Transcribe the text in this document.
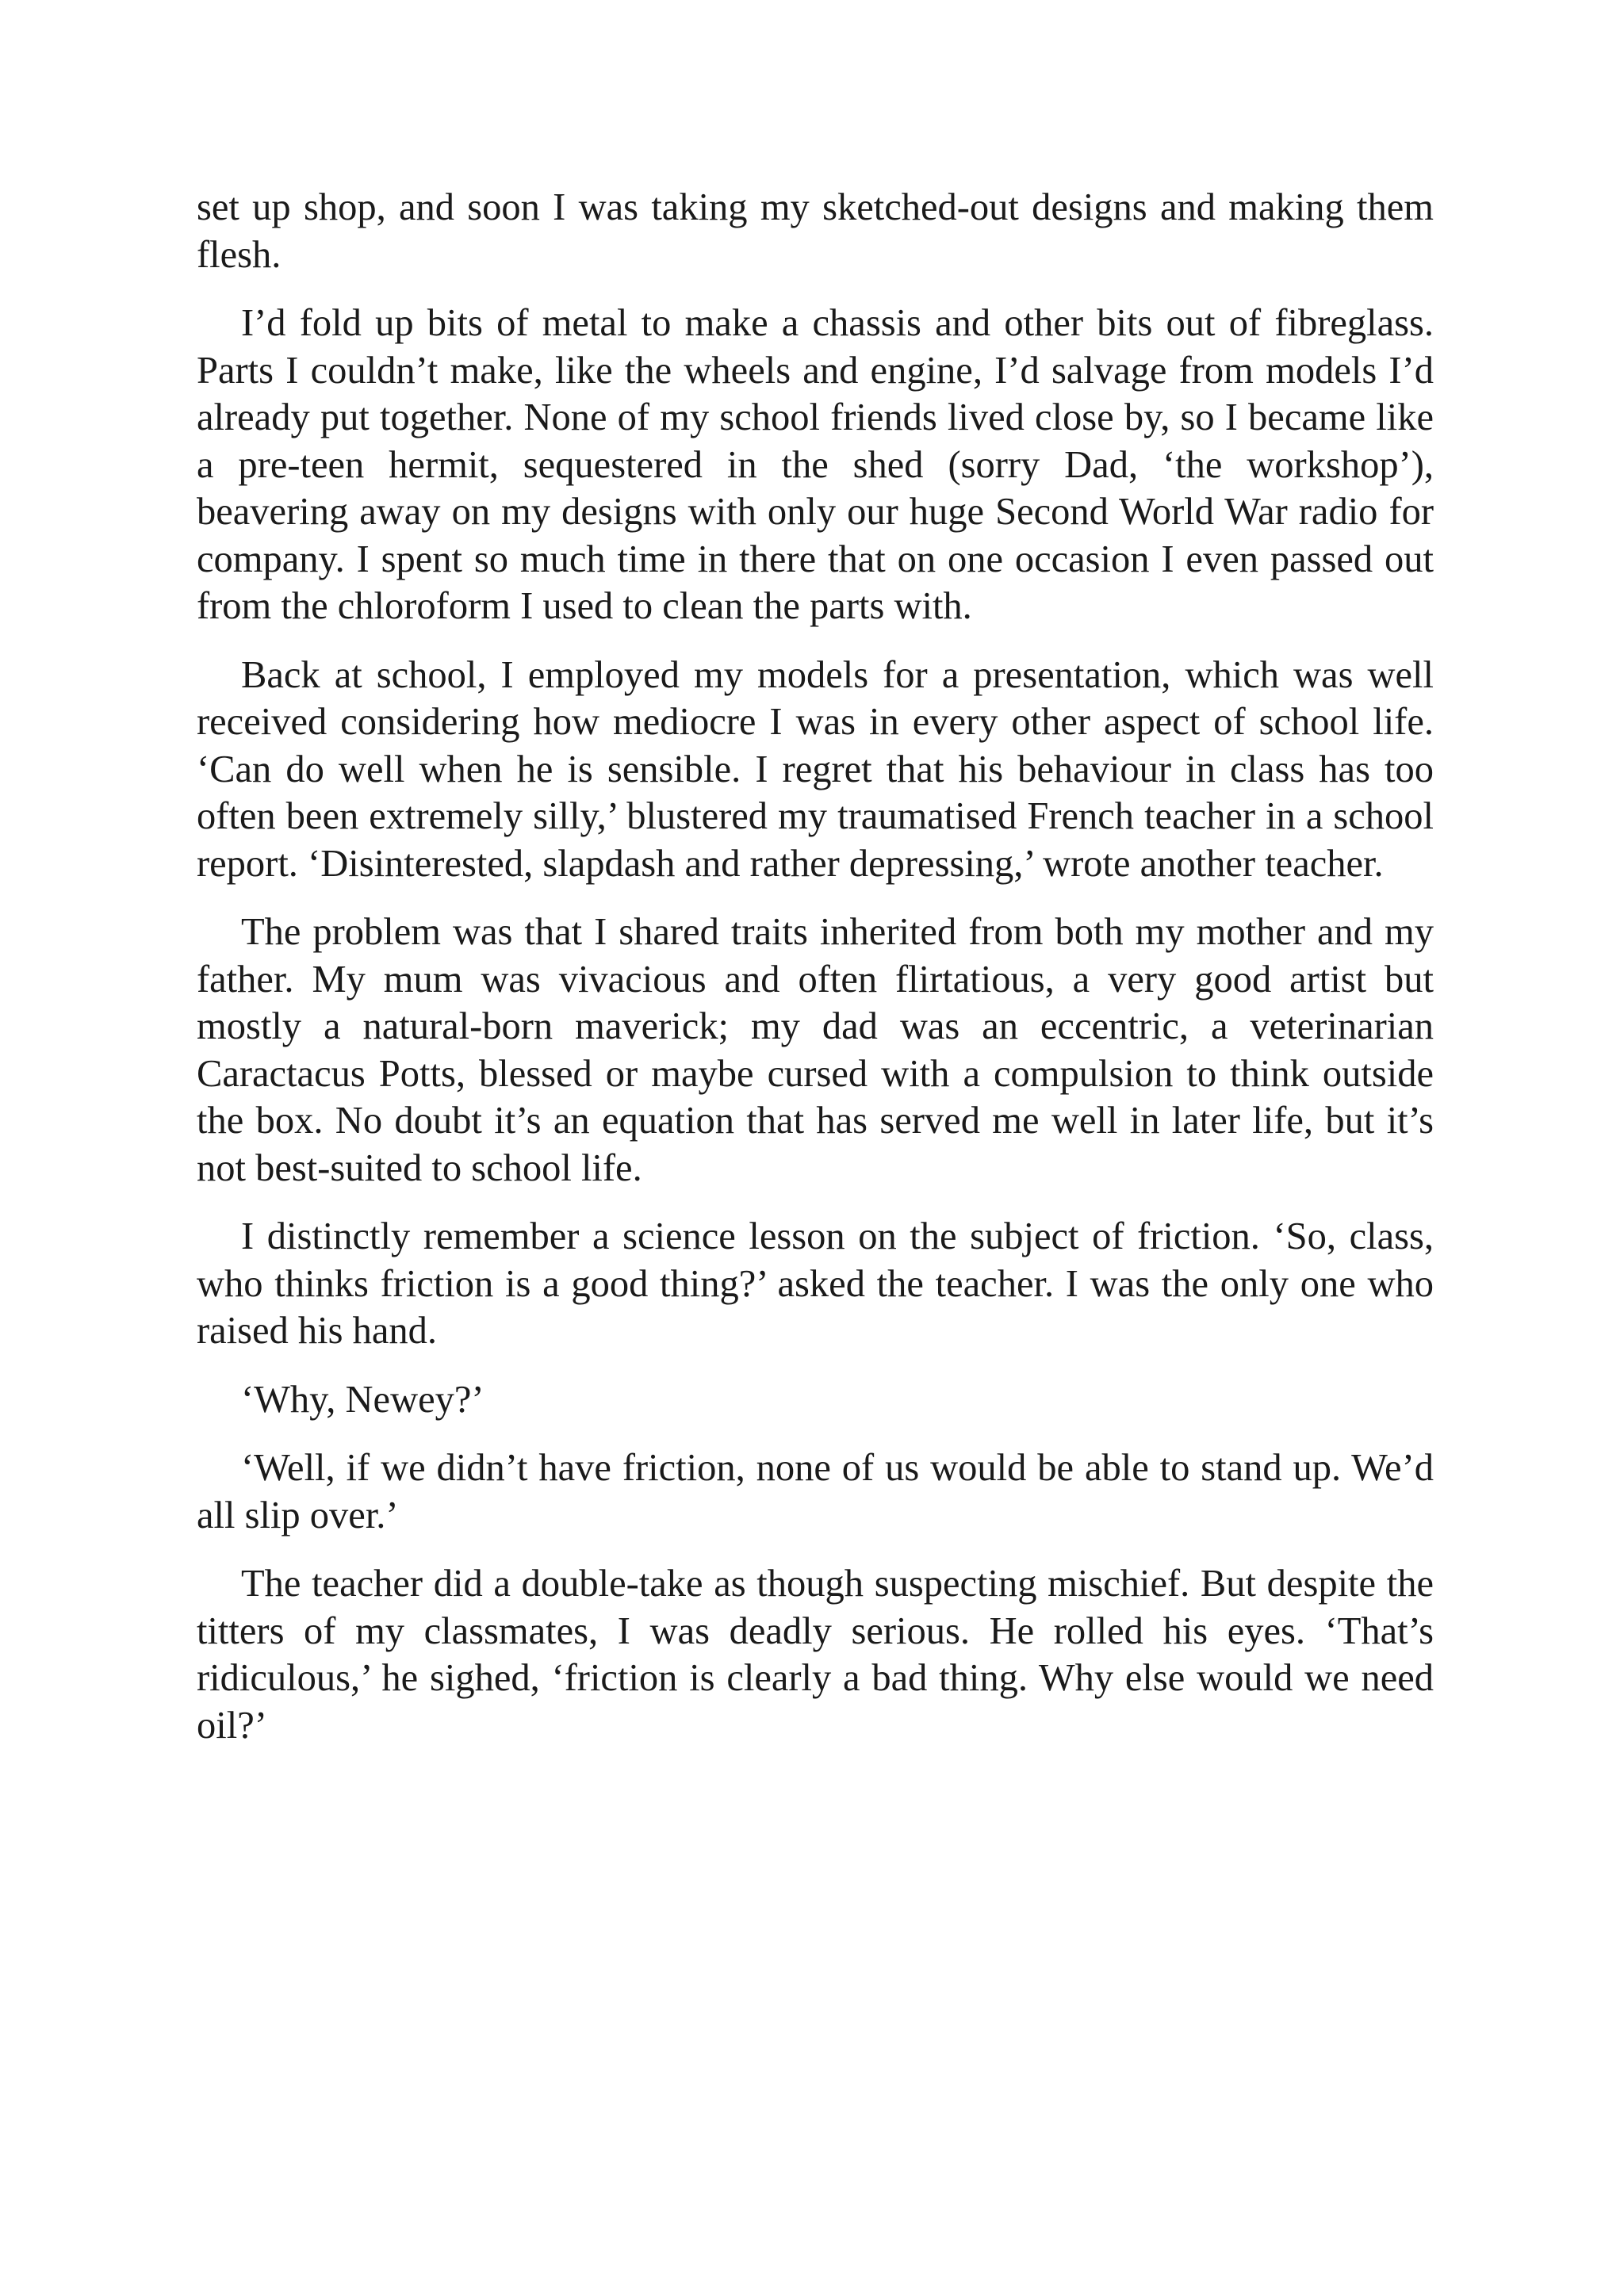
set up shop, and soon I was taking my sketched-out designs and making them flesh.

I’d fold up bits of metal to make a chassis and other bits out of fibreglass. Parts I couldn’t make, like the wheels and engine, I’d salvage from models I’d already put together. None of my school friends lived close by, so I became like a pre-teen hermit, sequestered in the shed (sorry Dad, ‘the workshop’), beavering away on my designs with only our huge Second World War radio for company. I spent so much time in there that on one occasion I even passed out from the chloroform I used to clean the parts with.

Back at school, I employed my models for a presentation, which was well received considering how mediocre I was in every other aspect of school life. ‘Can do well when he is sensible. I regret that his behaviour in class has too often been extremely silly,’ blustered my traumatised French teacher in a school report. ‘Disinterested, slapdash and rather depressing,’ wrote another teacher.

The problem was that I shared traits inherited from both my mother and my father. My mum was vivacious and often flirtatious, a very good artist but mostly a natural-born maverick; my dad was an eccentric, a veterinarian Caractacus Potts, blessed or maybe cursed with a compulsion to think outside the box. No doubt it’s an equation that has served me well in later life, but it’s not best-suited to school life.

I distinctly remember a science lesson on the subject of friction. ‘So, class, who thinks friction is a good thing?’ asked the teacher. I was the only one who raised his hand.

‘Why, Newey?’

‘Well, if we didn’t have friction, none of us would be able to stand up. We’d all slip over.’

The teacher did a double-take as though suspecting mischief. But despite the titters of my classmates, I was deadly serious. He rolled his eyes. ‘That’s ridiculous,’ he sighed, ‘friction is clearly a bad thing. Why else would we need oil?’
